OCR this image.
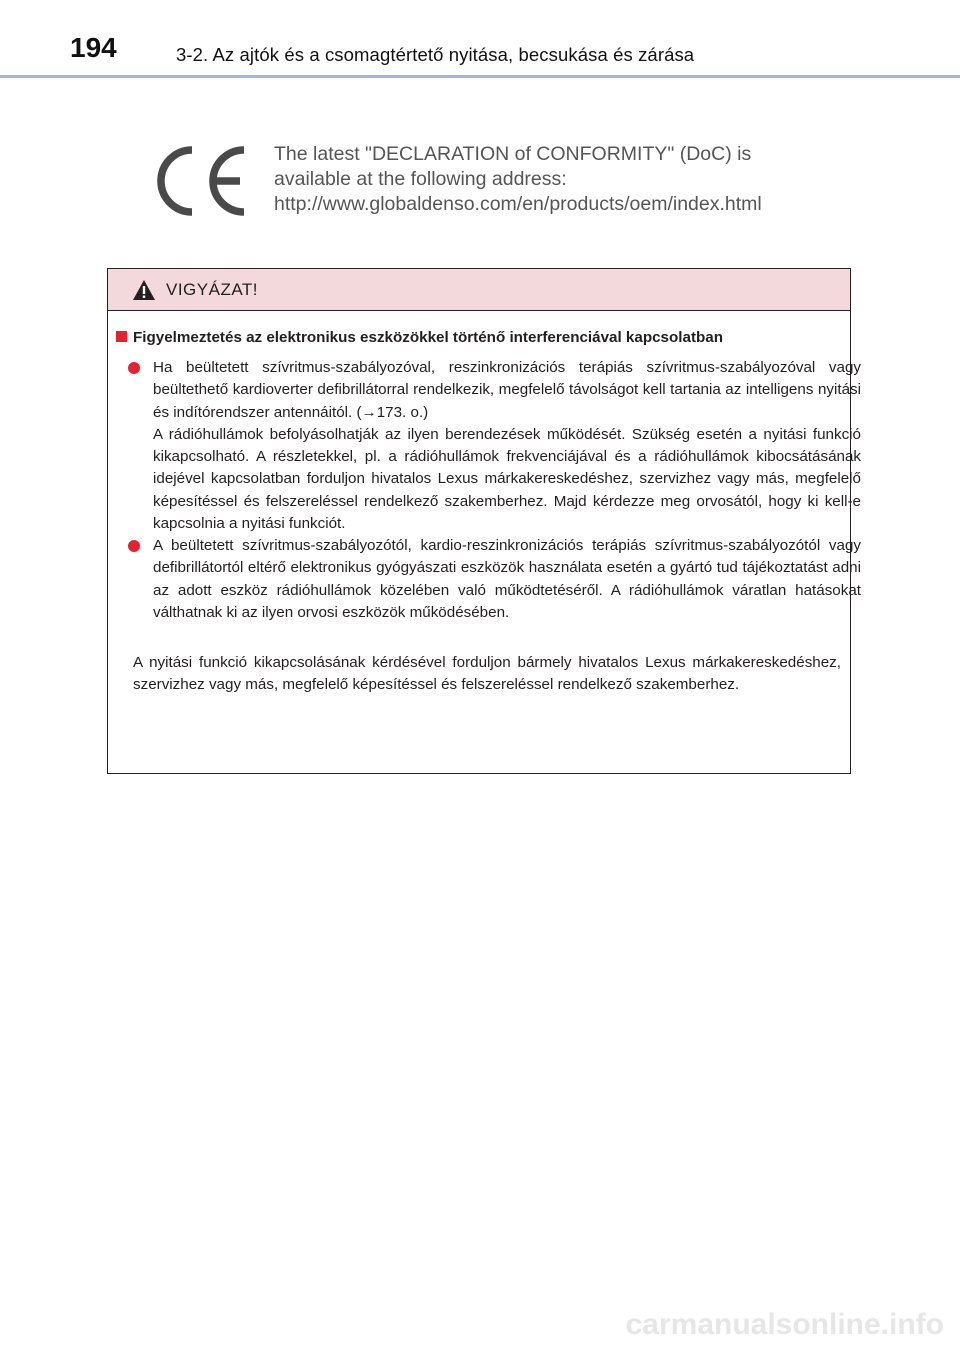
194	3-2. Az ajtók és a csomagtértető nyitása, becsukása és zárása
The latest "DECLARATION of CONFORMITY" (DoC) is
available at the following address:
http://www.globaldenso.com/en/products/oem/index.html
VIGYÁZAT!
Figyelmeztetés az elektronikus eszközökkel történő interferenciával kapcsolatban

Ha beültetett szívritmus-szabályozóval, reszinkronizációs terápiás szívritmus-szabályozóval vagy beültethető kardioverter defibrillátorral rendelkezik, megfelelő távolságot kell tartania az intelligens nyitási és indítórendszer antennáitól. (→173. o.)

A rádióhullámok befolyásolhatják az ilyen berendezések működését. Szükség esetén a nyitási funkció kikapcsolható. A részletekkel, pl. a rádióhullámok frekvenciájával és a rádióhullámok kibocsátásának idejével kapcsolatban forduljon hivatalos Lexus márkakereskedéshez, szervizhez vagy más, megfelelő képesítéssel és felszereléssel rendelkező szakemberhez. Majd kérdezze meg orvosától, hogy ki kell-e kapcsolnia a nyitási funkciót.

A beültetett szívritmus-szabályozótól, kardio-reszinkronizációs terápiás szívritmus-szabályozótól vagy defibrillátortól eltérő elektronikus gyógyászati eszközök használata esetén a gyártó tud tájékoztatást adni az adott eszköz rádióhullámok közelében való működtetéséről. A rádióhullámok váratlan hatásokat válthatnak ki az ilyen orvosi eszközök működésében.

A nyitási funkció kikapcsolásának kérdésével forduljon bármely hivatalos Lexus márkakereskedéshez, szervizhez vagy más, megfelelő képesítéssel és felszereléssel rendelkező szakemberhez.

carmanualsonline.info
